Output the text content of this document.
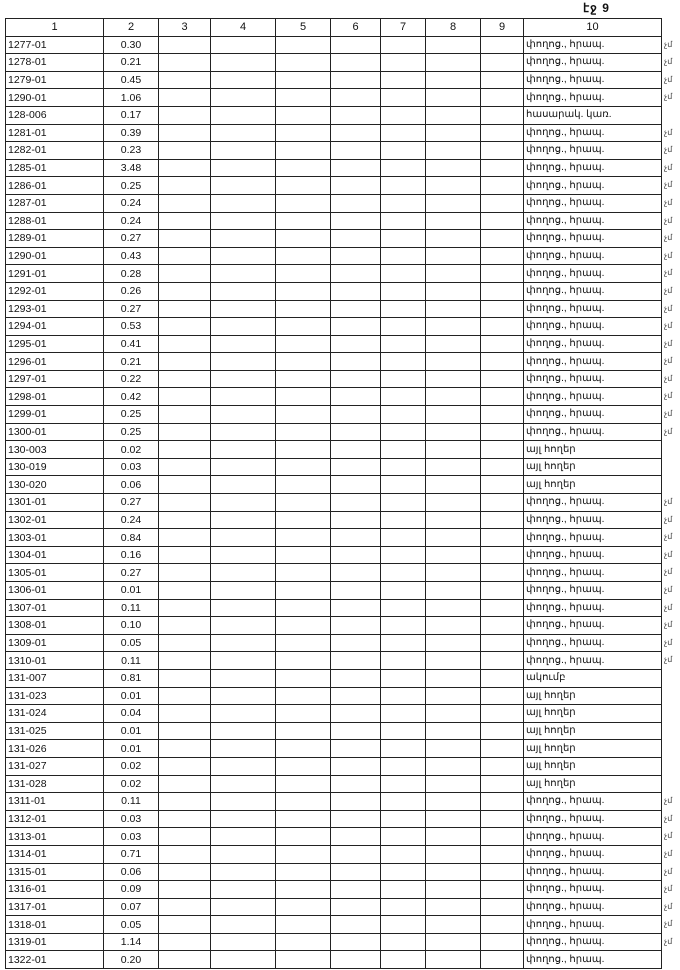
էջ 9
1	2	3	4	5	6	7	8	9	10
1277-01	0.30								փողոց., հրապ.
1278-01	0.21								փողոց., հրապ.
1279-01	0.45								փողոց., հրապ.
1290-01	1.06								փողոց., հրապ.
128-006	0.17								հասարակ. կառ.
1281-01	0.39								փողոց., հրապ.
1282-01	0.23								փողոց., հրապ.
1285-01	3.48								փողոց., հրապ.
1286-01	0.25								փողոց., հրապ.
1287-01	0.24								փողոց., հրապ.
1288-01	0.24								փողոց., հրապ.
1289-01	0.27								փողոց., հրապ.
1290-01	0.43								փողոց., հրապ.
1291-01	0.28								փողոց., հրապ.
1292-01	0.26								փողոց., հրապ.
1293-01	0.27								փողոց., հրապ.
1294-01	0.53								փողոց., հրապ.
1295-01	0.41								փողոց., հրապ.
1296-01	0.21								փողոց., հրապ.
1297-01	0.22								փողոց., հրապ.
1298-01	0.42								փողոց., հրապ.
1299-01	0.25								փողոց., հրապ.
1300-01	0.25								փողոց., հրապ.
130-003	0.02								այլ հողեր
130-019	0.03								այլ հողեր
130-020	0.06								այլ հողեր
1301-01	0.27								փողոց., հրապ.
1302-01	0.24								փողոց., հրապ.
1303-01	0.84								փողոց., հրապ.
1304-01	0.16								փողոց., հրապ.
1305-01	0.27								փողոց., հրապ.
1306-01	0.01								փողոց., հրապ.
1307-01	0.11								փողոց., հրապ.
1308-01	0.10								փողոց., հրապ.
1309-01	0.05								փողոց., հրապ.
1310-01	0.11								փողոց., հրապ.
131-007	0.81								ակումբ
131-023	0.01								այլ հողեր
131-024	0.04								այլ հողեր
131-025	0.01								այլ հողեր
131-026	0.01								այլ հողեր
131-027	0.02								այլ հողեր
131-028	0.02								այլ հողեր
1311-01	0.11								փողոց., հրապ.
1312-01	0.03								փողոց., հրապ.
1313-01	0.03								փողոց., հրապ.
1314-01	0.71								փողոց., հրապ.
1315-01	0.06								փողոց., հրապ.
1316-01	0.09								փողոց., հրապ.
1317-01	0.07								փողոց., հրապ.
1318-01	0.05								փողոց., հրապ.
1319-01	1.14								փողոց., հրապ.
1322-01	0.20								փողոց., հրապ.
չմ
չմ
չմ
չմ
չմ
չմ
չմ
չմ
չմ
չմ
չմ
չմ
չմ
չմ
չմ
չմ
չմ
չմ
չմ
չմ
չմ
չմ
չմ
չմ
չմ
չմ
չմ
չմ
չմ
չմ
չմ
չմ
չմ
չմ
չմ
չմ
չմ
չմ
չմ
չմ
չմ
